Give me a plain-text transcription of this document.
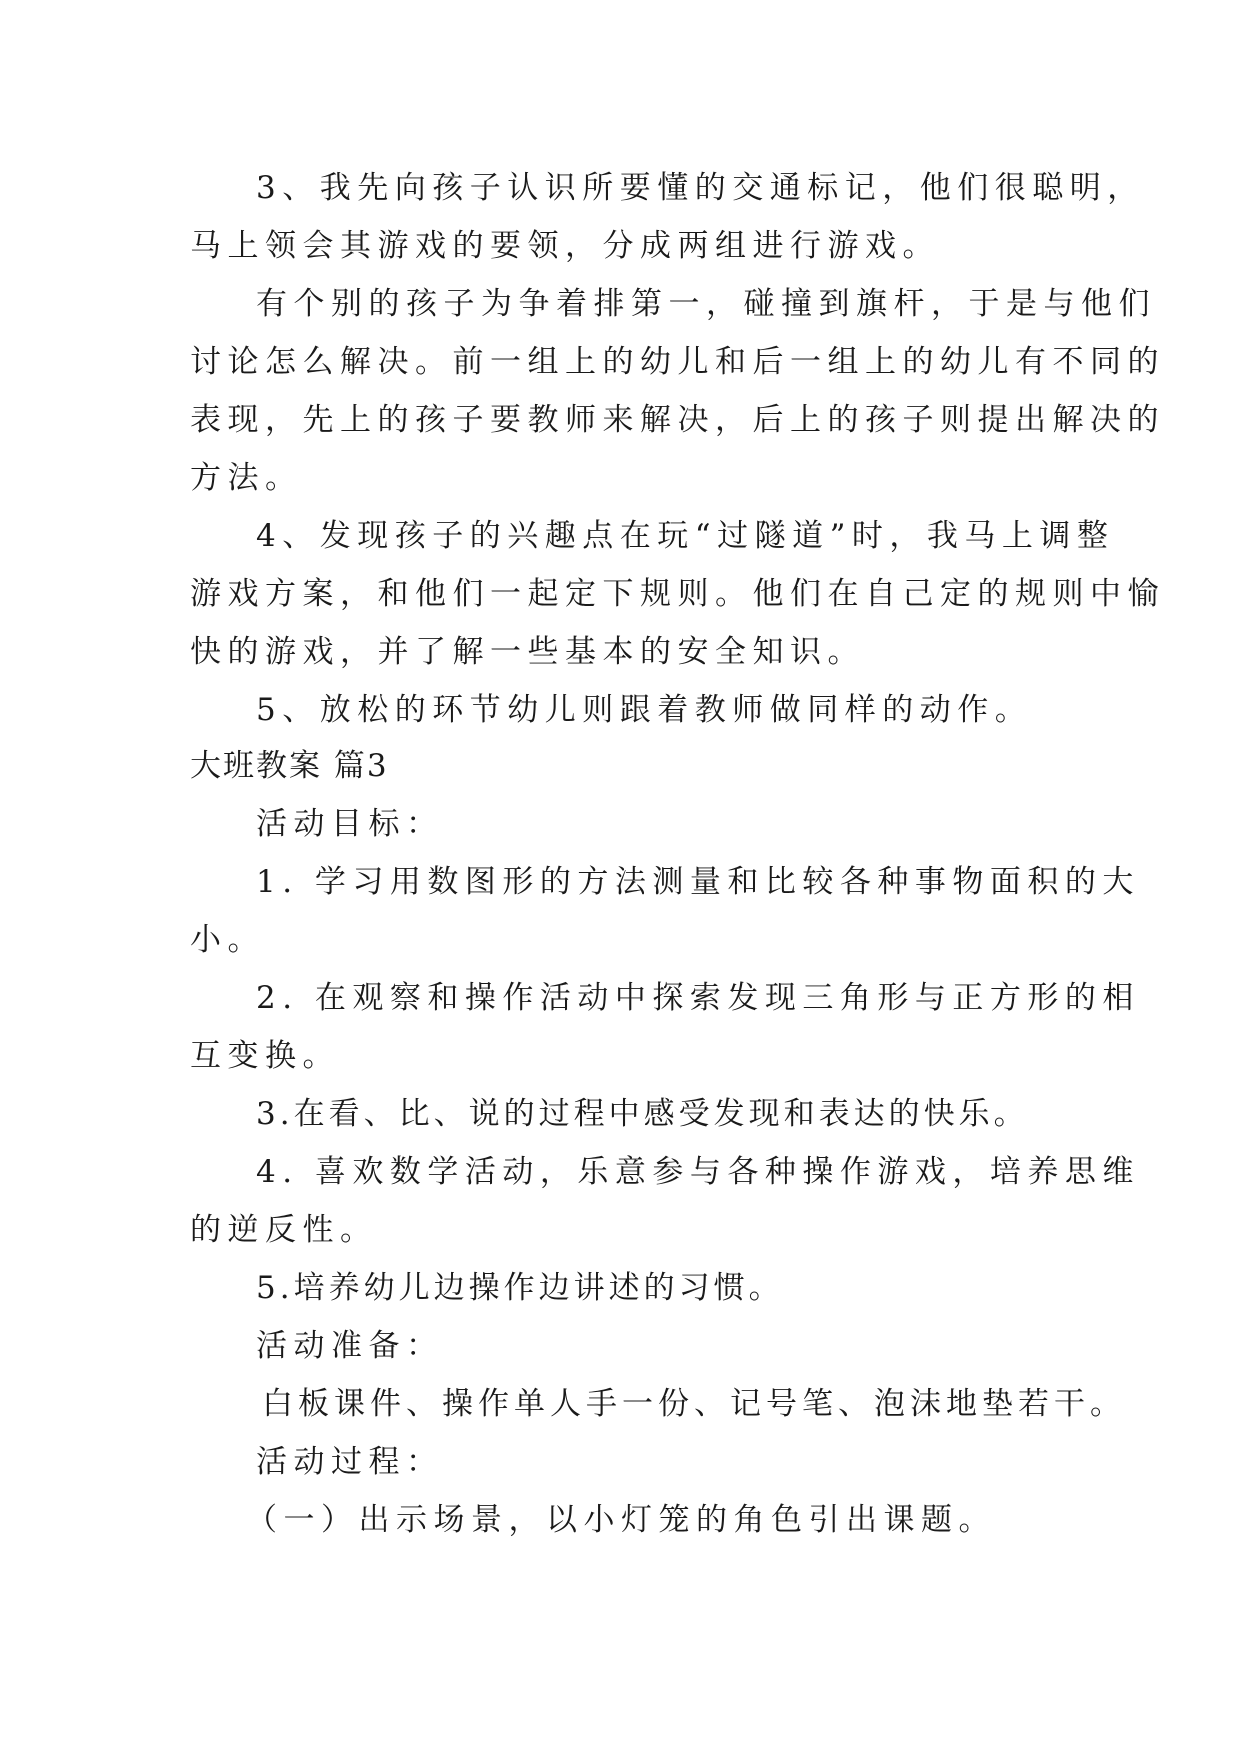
3、我先向孩子认识所要懂的交通标记，他们很聪明，
马上领会其游戏的要领，分成两组进行游戏。
有个别的孩子为争着排第一，碰撞到旗杆，于是与他们
讨论怎么解决。前一组上的幼儿和后一组上的幼儿有不同的
表现，先上的孩子要教师来解决，后上的孩子则提出解决的
方法。
4、发现孩子的兴趣点在玩“过隧道”时，我马上调整
游戏方案，和他们一起定下规则。他们在自己定的规则中愉
快的游戏，并了解一些基本的安全知识。
5、放松的环节幼儿则跟着教师做同样的动作。
大班教案 篇3
活动目标：
1. 学习用数图形的方法测量和比较各种事物面积的大
小。
2. 在观察和操作活动中探索发现三角形与正方形的相
互变换。
3.在看、比、说的过程中感受发现和表达的快乐。
4. 喜欢数学活动，乐意参与各种操作游戏，培养思维
的逆反性。
5.培养幼儿边操作边讲述的习惯。
活动准备：
白板课件、操作单人手一份、记号笔、泡沫地垫若干。
活动过程：
（一）出示场景，以小灯笼的角色引出课题。
